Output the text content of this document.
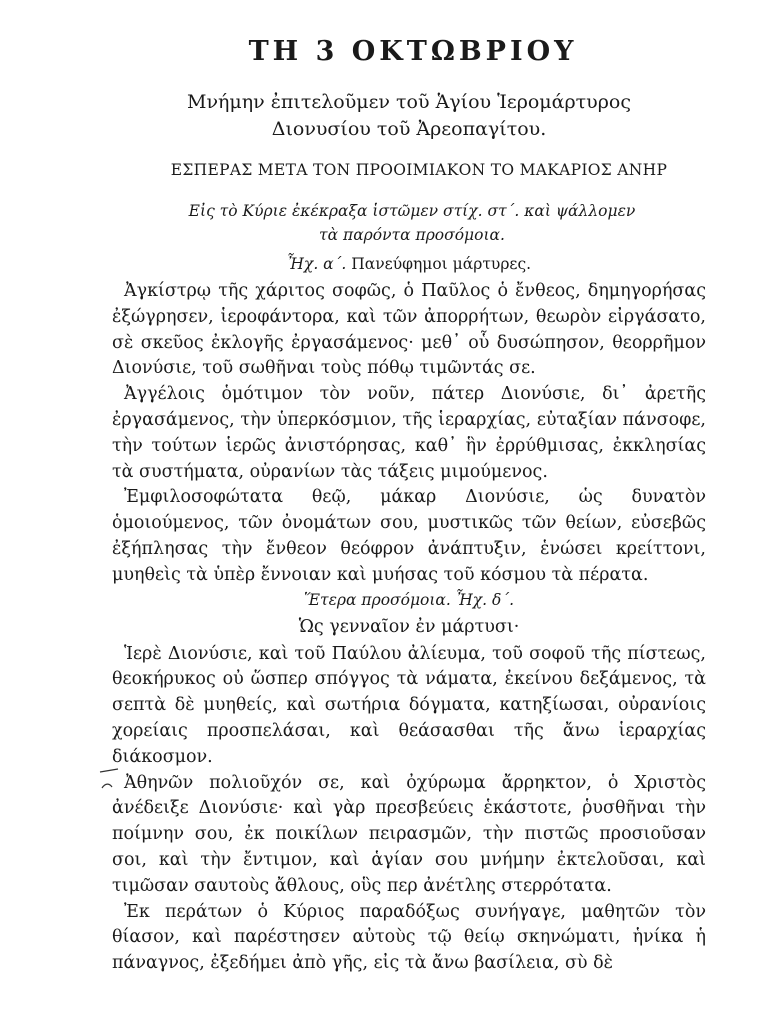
ΤΗ 3 ΟΚΤΩΒΡΙΟΥ
Μνήμην ἐπιτελοῦμεν τοῦ Ἁγίου Ἱερομάρτυρος
Διονυσίου τοῦ Ἀρεοπαγίτου.
ΕΣΠΕΡΑΣ ΜΕΤΑ ΤΟΝ ΠΡΟΟΙΜΙΑΚΟΝ ΤΟ ΜΑΚΑΡΙΟΣ ΑΝΗΡ
Εἰς τὸ Κύριε ἐκέκραξα ἱστῶμεν στίχ. στ΄. καὶ ψάλλομεν
τὰ παρόντα προσόμοια.
Ἦχ. α΄. Πανεύφημοι μάρτυρες.

Ἀγκίστρῳ τῆς χάριτος σοφῶς, ὁ Παῦλος ὁ ἔνθεος, δημηγορήσας ἐξώγρησεν, ἱεροφάντορα, καὶ τῶν ἀπορρήτων, θεωρὸν εἰργάσατο, σὲ σκεῦος ἐκλογῆς ἐργασάμενος· μεθ᾽ οὗ δυσώπησον, θεορρῆμον Διονύσιε, τοῦ σωθῆναι τοὺς πόθῳ τιμῶντάς σε.

Ἀγγέλοις ὁμότιμον τὸν νοῦν, πάτερ Διονύσιε, δι᾽ ἀρετῆς ἐργασάμενος, τὴν ὑπερκόσμιον, τῆς ἱεραρχίας, εὐταξίαν πάνσοφε, τὴν τούτων ἱερῶς ἀνιστόρησας, καθ᾽ ἣν ἐρρύθμισας, ἐκκλησίας τὰ συστήματα, οὐρανίων τὰς τάξεις μιμούμενος.

Ἐμφιλοσοφώτατα θεῷ, μάκαρ Διονύσιε, ὡς δυνατὸν ὁμοιούμενος, τῶν ὀνομάτων σου, μυστικῶς τῶν θείων, εὐσεβῶς ἐξήπλησας τὴν ἔνθεον θεόφρον ἀνάπτυξιν, ἑνώσει κρείττονι, μυηθεὶς τὰ ὑπὲρ ἔννοιαν καὶ μυήσας τοῦ κόσμου τὰ πέρατα.

Ἕτερα προσόμοια. Ἦχ. δ΄.
Ὡς γενναῖον ἐν μάρτυσι·

Ἱερὲ Διονύσιε, καὶ τοῦ Παύλου ἀλίευμα, τοῦ σοφοῦ τῆς πίστεως, θεοκήρυκος οὐ ὥσπερ σπόγγος τὰ νάματα, ἐκείνου δεξάμενος, τὰ σεπτὰ δὲ μυηθείς, καὶ σωτήρια δόγματα, κατηξίωσαι, οὐρανίοις χορείαις προσπελάσαι, καὶ θεάσασθαι τῆς ἄνω ἱεραρχίας διάκοσμον.

Ἀθηνῶν πολιοῦχόν σε, καὶ ὀχύρωμα ἄρρηκτον, ὁ Χριστὸς ἀνέδειξε Διονύσιε· καὶ γὰρ πρεσβεύεις ἑκάστοτε, ῥυσθῆναι τὴν ποίμνην σου, ἐκ ποικίλων πειρασμῶν, τὴν πιστῶς προσιοῦσαν σοι, καὶ τὴν ἔντιμον, καὶ ἁγίαν σου μνήμην ἐκτελοῦσαι, καὶ τιμῶσαν σαυτοὺς ἄθλους, οὓς περ ἀνέτλης στερρότατα.

Ἐκ περάτων ὁ Κύριος παραδόξως συνήγαγε, μαθητῶν τὸν θίασον, καὶ παρέστησεν αὐτοὺς τῷ θείῳ σκηνώματι, ἡνίκα ἡ πάναγνος, ἐξεδήμει ἀπὸ γῆς, εἰς τὰ ἄνω βασίλεια, σὺ δὲ
